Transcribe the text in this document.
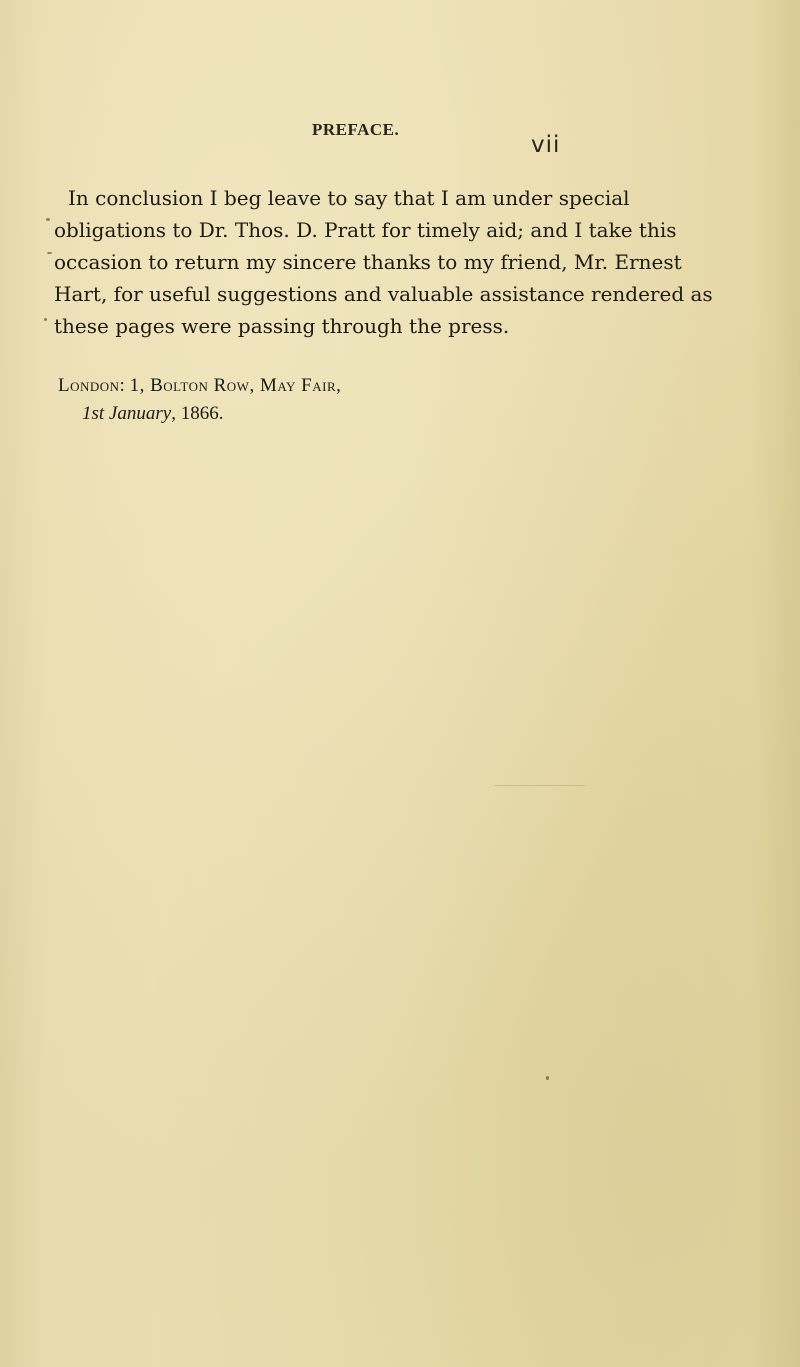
PREFACE.
vii

In conclusion I beg leave to say that I am under special
obligations to Dr. Thos. D. Pratt for timely aid; and I take this
occasion to return my sincere thanks to my friend, Mr. Ernest
Hart, for useful suggestions and valuable assistance rendered as
these pages were passing through the press.

London: 1, Bolton Row, May Fair,
1st January, 1866.
